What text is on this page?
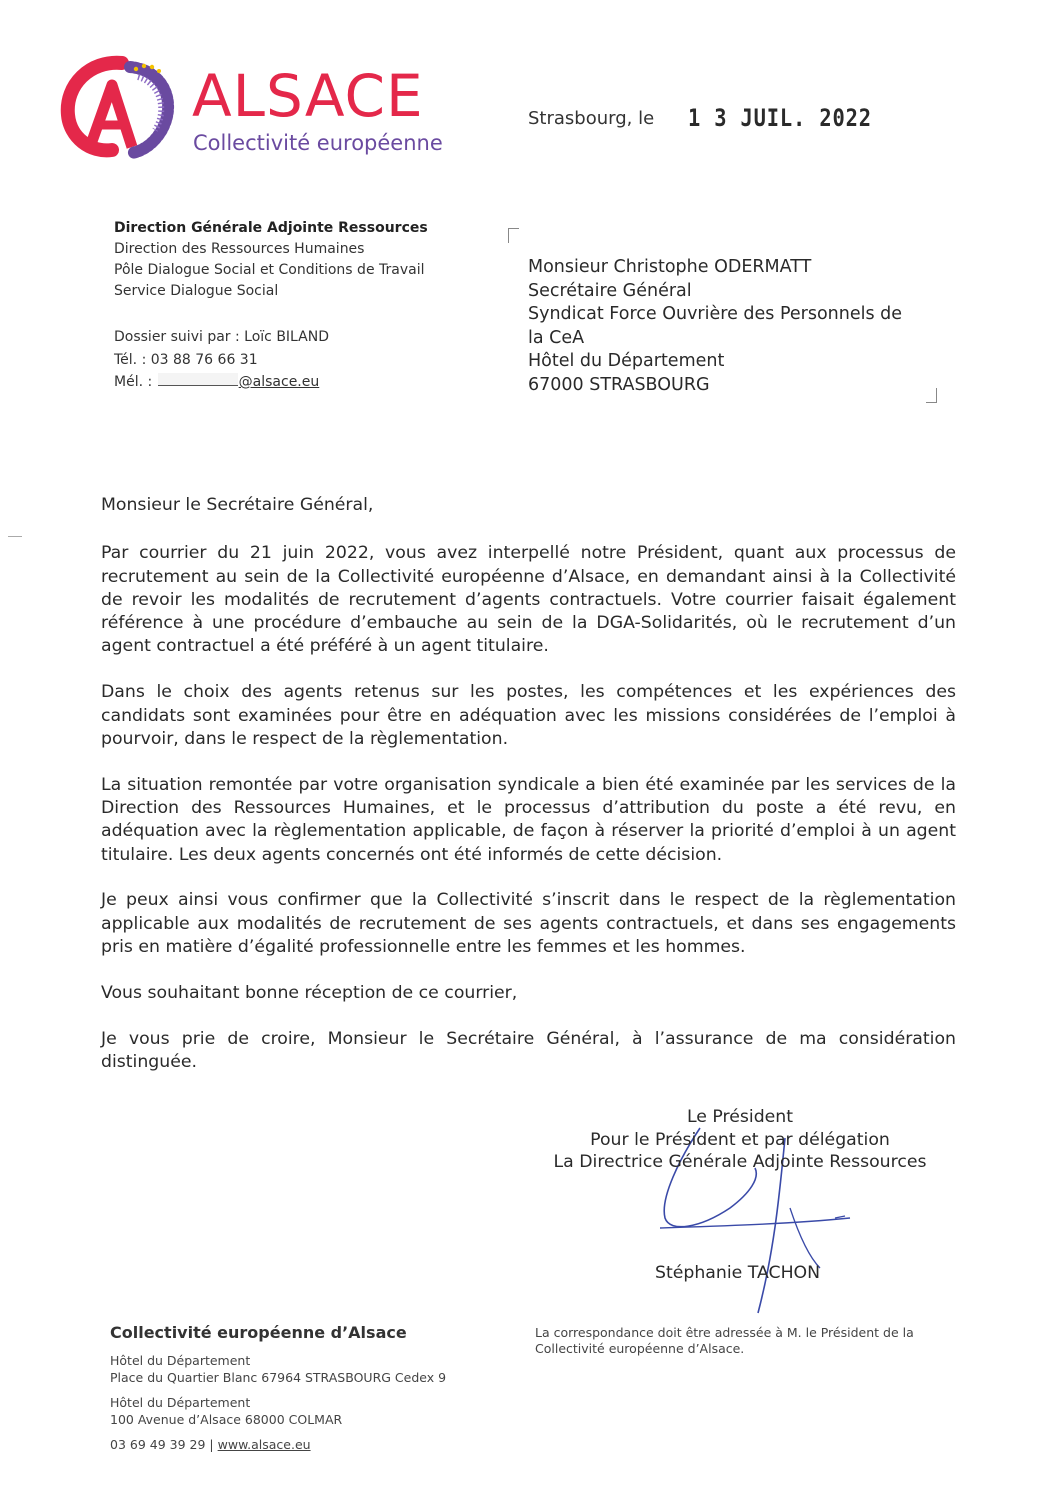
ALSACE
Collectivité européenne
Strasbourg, le 1 3 JUIL. 2022
Direction Générale Adjointe Ressources
Direction des Ressources Humaines
Pôle Dialogue Social et Conditions de Travail
Service Dialogue Social
Dossier suivi par : Loïc BILAND
Tél. : 03 88 76 66 31
Mél. :	@alsace.eu
Monsieur Christophe ODERMATT
Secrétaire Général
Syndicat Force Ouvrière des Personnels de
la CeA
Hôtel du Département
67000 STRASBOURG

Monsieur le Secrétaire Général,

Par courrier du 21 juin 2022, vous avez interpellé notre Président, quant aux processus de recrutement au sein de la Collectivité européenne d’Alsace, en demandant ainsi à la Collectivité de revoir les modalités de recrutement d’agents contractuels. Votre courrier faisait également référence à une procédure d’embauche au sein de la DGA-Solidarités, où le recrutement d’un agent contractuel a été préféré à un agent titulaire.

Dans le choix des agents retenus sur les postes, les compétences et les expériences des candidats sont examinées pour être en adéquation avec les missions considérées de l’emploi à pourvoir, dans le respect de la règlementation.

La situation remontée par votre organisation syndicale a bien été examinée par les services de la Direction des Ressources Humaines, et le processus d’attribution du poste a été revu, en adéquation avec la règlementation applicable, de façon à réserver la priorité d’emploi à un agent titulaire. Les deux agents concernés ont été informés de cette décision.

Je peux ainsi vous confirmer que la Collectivité s’inscrit dans le respect de la règlementation applicable aux modalités de recrutement de ses agents contractuels, et dans ses engagements pris en matière d’égalité professionnelle entre les femmes et les hommes.

Vous souhaitant bonne réception de ce courrier,

Je vous prie de croire, Monsieur le Secrétaire Général, à l’assurance de ma considération distinguée.

Le Président
Pour le Président et par délégation
La Directrice Générale Adjointe Ressources
Stéphanie TACHON
Collectivité européenne d’Alsace
Hôtel du Département
Place du Quartier Blanc 67964 STRASBOURG Cedex 9
Hôtel du Département
100 Avenue d’Alsace 68000 COLMAR
03 69 49 39 29 | www.alsace.eu
La correspondance doit être adressée à M. le Président de la Collectivité européenne d’Alsace.
